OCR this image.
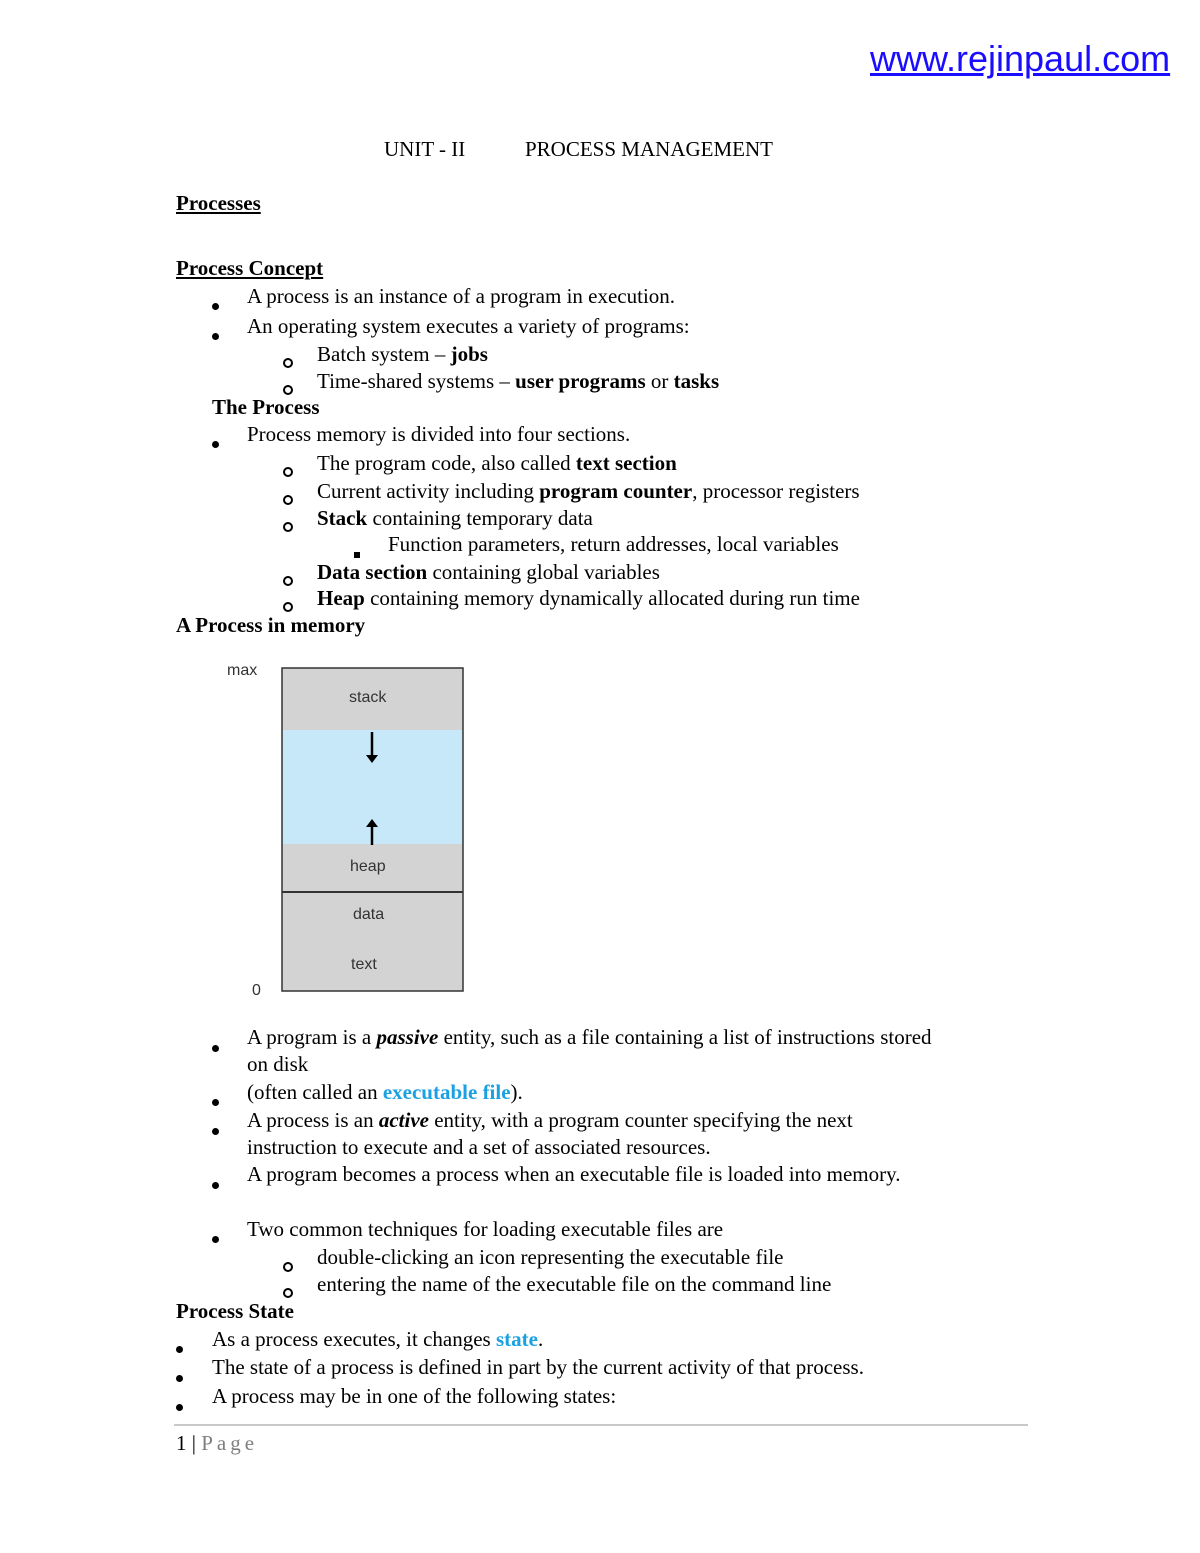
www.rejinpaul.com
UNIT - II	PROCESS MANAGEMENT
Processes
Process Concept
A process is an instance of a program in execution.
An operating system executes a variety of programs:
Batch system – jobs
Time-shared systems – user programs or tasks
The Process
Process memory is divided into four sections.
The program code, also called text section
Current activity including program counter, processor registers
Stack containing temporary data
Function parameters, return addresses, local variables
Data section containing global variables
Heap containing memory dynamically allocated during run time
A Process in memory
max
0
stack
heap
data
text
A program is a passive entity, such as a file containing a list of instructions stored
on disk
(often called an executable file).
A process is an active entity, with a program counter specifying the next
instruction to execute and a set of associated resources.
A program becomes a process when an executable file is loaded into memory.
Two common techniques for loading executable files are
double-clicking an icon representing the executable file
entering the name of the executable file on the command line
Process State
As a process executes, it changes state.
The state of a process is defined in part by the current activity of that process.
A process may be in one of the following states:
1 | Page
